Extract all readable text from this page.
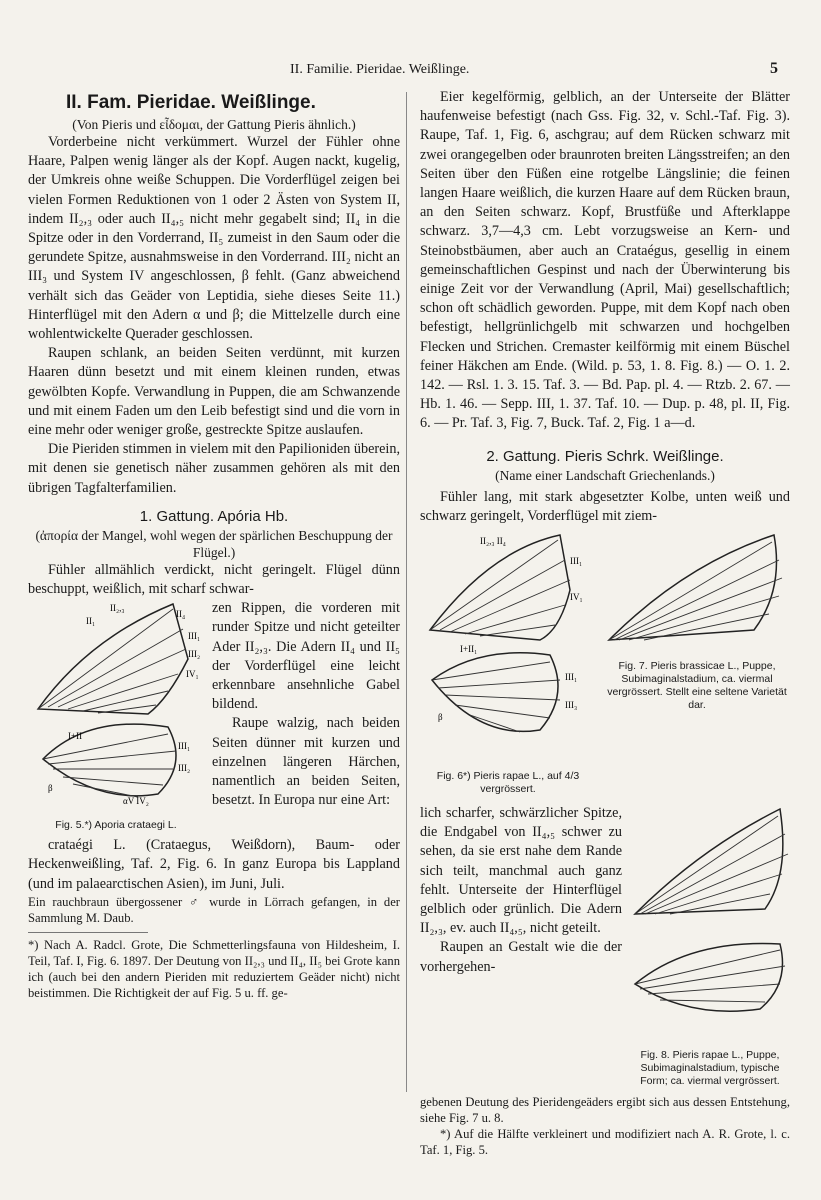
II. Familie. Pieridae. Weißlinge.	5
II. Fam. Pieridae. Weißlinge.
(Von Pieris und εἶδομαι, der Gattung Pieris ähnlich.)

Vorderbeine nicht verkümmert. Wurzel der Fühler ohne Haare, Palpen wenig länger als der Kopf. Augen nackt, kugelig, der Umkreis ohne weiße Schuppen. Die Vorderflügel zeigen bei vielen Formen Reduktionen von 1 oder 2 Ästen von System II, indem II₂,₃ oder auch II₄,₅ nicht mehr gegabelt sind; II₄ in die Spitze oder in den Vorderrand, II₅ zumeist in den Saum oder die gerundete Spitze, ausnahmsweise in den Vorderrand. III₂ nicht an III₃ und System IV angeschlossen, β fehlt. (Ganz abweichend verhält sich das Geäder von Leptidia, siehe dieses Seite 11.) Hinterflügel mit den Adern α und β; die Mittelzelle durch eine wohlentwickelte Querader geschlossen.

Raupen schlank, an beiden Seiten verdünnt, mit kurzen Haaren dünn besetzt und mit einem kleinen runden, etwas gewölbten Kopfe. Verwandlung in Puppen, die am Schwanzende und mit einem Faden um den Leib befestigt sind und die vorn in eine mehr oder weniger große, gestreckte Spitze auslaufen.

Die Pieriden stimmen in vielem mit den Papilioniden überein, mit denen sie genetisch näher zusammen gehören als mit den übrigen Tagfalterfamilien.

1. Gattung. Apória Hb.
(ἀπορία der Mangel, wohl wegen der spärlichen Beschuppung der Flügel.)

Fühler allmählich verdickt, nicht geringelt. Flügel dünn beschuppt, weißlich, mit scharf schwar-

II₁
II₂,₃
II₄
III₁
III₂
IV₁
I+II
III₁
III₂
β
αV IV₂
Fig. 5.*) Aporia crataegi L.

zen Rippen, die vorderen mit runder Spitze und nicht geteilter Ader II₂,₃. Die Adern II₄ und II₅ der Vorderflügel eine leicht erkennbare ansehnliche Gabel bildend.

Raupe walzig, nach beiden Seiten dünner mit kurzen und einzelnen längeren Härchen, namentlich an beiden Seiten, besetzt. In Europa nur eine Art:

crataégi L. (Crataegus, Weißdorn), Baum- oder Heckenweißling, Taf. 2, Fig. 6. In ganz Europa bis Lappland (und im palaearctischen Asien), im Juni, Juli.

Ein rauchbraun übergossener ♂ wurde in Lörrach gefangen, in der Sammlung M. Daub.

*) Nach A. Radcl. Grote, Die Schmetterlingsfauna von Hildesheim, I. Teil, Taf. I, Fig. 6. 1897. Der Deutung von II₂,₃ und II₄, II₅ bei Grote kann ich (auch bei den andern Pieriden mit reduziertem Geäder nicht) nicht beistimmen. Die Richtigkeit der auf Fig. 5 u. ff. ge-

Eier kegelförmig, gelblich, an der Unterseite der Blätter haufenweise befestigt (nach Gss. Fig. 32, v. Schl.-Taf. Fig. 3). Raupe, Taf. 1, Fig. 6, aschgrau; auf dem Rücken schwarz mit zwei orangegelben oder braunroten breiten Längsstreifen; an den Seiten über den Füßen eine rotgelbe Längslinie; die feinen langen Haare weißlich, die kurzen Haare auf dem Rücken braun, an den Seiten schwarz. Kopf, Brustfüße und Afterklappe schwarz. 3,7—4,3 cm. Lebt vorzugsweise an Kern- und Steinobstbäumen, aber auch an Crataégus, gesellig in einem gemeinschaftlichen Gespinst und nach der Überwinterung bis einige Zeit vor der Verwandlung (April, Mai) gesellschaftlich; schon oft schädlich geworden. Puppe, mit dem Kopf nach oben befestigt, hellgrünlichgelb mit schwarzen und hochgelben Flecken und Strichen. Cremaster keilförmig mit einem Büschel feiner Häkchen am Ende. (Wild. p. 53, 1. 8. Fig. 8.) — O. 1. 2. 142. — Rsl. 1. 3. 15. Taf. 3. — Bd. Pap. pl. 4. — Rtzb. 2. 67. — Hb. 1. 46. — Sepp. III, 1. 37. Taf. 10. — Dup. p. 48, pl. II, Fig. 6. — Pr. Taf. 3, Fig. 7, Buck. Taf. 2, Fig. 1 a—d.

2. Gattung. Pieris Schrk. Weißlinge.
(Name einer Landschaft Griechenlands.)

Fühler lang, mit stark abgesetzter Kolbe, unten weiß und schwarz geringelt, Vorderflügel mit ziem-

II₂,₃ II₄
III₁
IV₁
I+II₁
III₁
III₃
β
Fig. 6*) Pieris rapae L., auf 4/3 vergrössert.
Fig. 7. Pieris brassicae L., Puppe, Subimaginalstadium, ca. viermal vergrössert. Stellt eine seltene Varietät dar.

lich scharfer, schwärzlicher Spitze, die Endgabel von II₄,₅ schwer zu sehen, da sie erst nahe dem Rande sich teilt, manchmal auch ganz fehlt. Unterseite der Hinterflügel gelblich oder grünlich. Die Adern II₂,₃, ev. auch II₄,₅, nicht geteilt.

Raupen an Gestalt wie die der vorhergehen-

Fig. 8. Pieris rapae L., Puppe, Subimaginalstadium, typische Form; ca. viermal vergrössert.

gebenen Deutung des Pieridengeäders ergibt sich aus dessen Entstehung, siehe Fig. 7 u. 8.

*) Auf die Hälfte verkleinert und modifiziert nach A. R. Grote, l. c. Taf. 1, Fig. 5.
